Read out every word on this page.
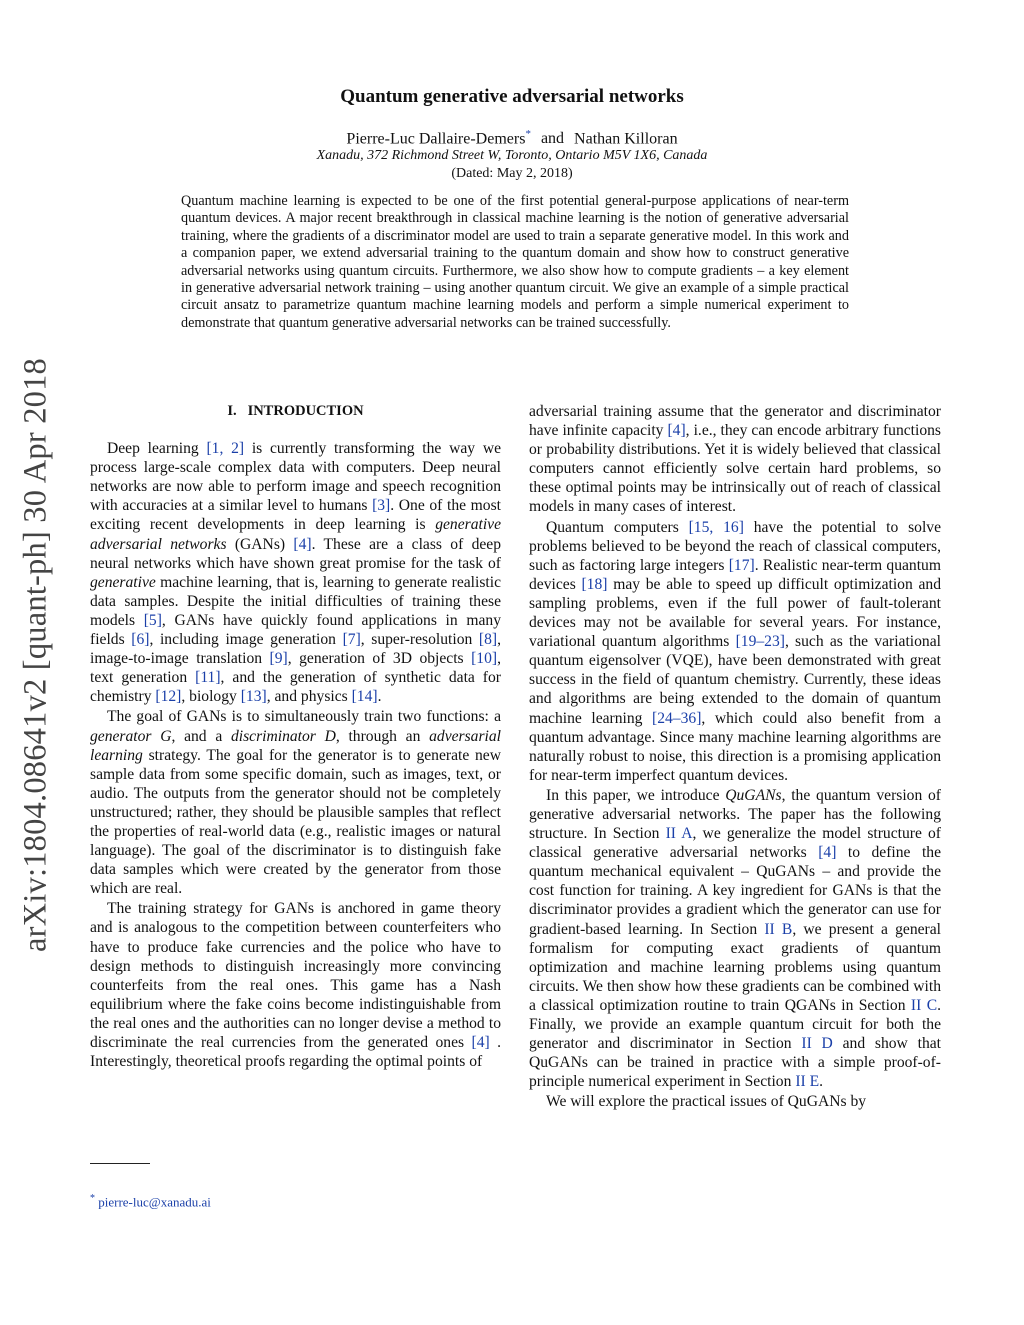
arXiv:1804.08641v2 [quant-ph] 30 Apr 2018
Quantum generative adversarial networks
Pierre-Luc Dallaire-Demers* and Nathan Killoran
Xanadu, 372 Richmond Street W, Toronto, Ontario M5V 1X6, Canada
(Dated: May 2, 2018)
Quantum machine learning is expected to be one of the first potential general-purpose applications of near-term quantum devices. A major recent breakthrough in classical machine learning is the notion of generative adversarial training, where the gradients of a discriminator model are used to train a separate generative model. In this work and a companion paper, we extend adversarial training to the quantum domain and show how to construct generative adversarial networks using quantum circuits. Furthermore, we also show how to compute gradients – a key element in generative adversarial network training – using another quantum circuit. We give an example of a simple practical circuit ansatz to parametrize quantum machine learning models and perform a simple numerical experiment to demonstrate that quantum generative adversarial networks can be trained successfully.
I. INTRODUCTION

Deep learning [1, 2] is currently transforming the way we process large-scale complex data with computers. Deep neural networks are now able to perform image and speech recognition with accuracies at a similar level to humans [3]. One of the most exciting recent developments in deep learning is generative adversarial networks (GANs) [4]. These are a class of deep neural networks which have shown great promise for the task of generative machine learning, that is, learning to generate realistic data samples. Despite the initial difficulties of training these models [5], GANs have quickly found applications in many fields [6], including image generation [7], super-resolution [8], image-to-image translation [9], generation of 3D objects [10], text generation [11], and the generation of synthetic data for chemistry [12], biology [13], and physics [14].

The goal of GANs is to simultaneously train two functions: a generator G, and a discriminator D, through an adversarial learning strategy. The goal for the generator is to generate new sample data from some specific domain, such as images, text, or audio. The outputs from the generator should not be completely unstructured; rather, they should be plausible samples that reflect the properties of real-world data (e.g., realistic images or natural language). The goal of the discriminator is to distinguish fake data samples which were created by the generator from those which are real.

The training strategy for GANs is anchored in game theory and is analogous to the competition between counterfeiters who have to produce fake currencies and the police who have to design methods to distinguish increasingly more convincing counterfeits from the real ones. This game has a Nash equilibrium where the fake coins become indistinguishable from the real ones and the authorities can no longer devise a method to discriminate the real currencies from the generated ones [4] . Interestingly, theoretical proofs regarding the optimal points of

adversarial training assume that the generator and discriminator have infinite capacity [4], i.e., they can encode arbitrary functions or probability distributions. Yet it is widely believed that classical computers cannot efficiently solve certain hard problems, so these optimal points may be intrinsically out of reach of classical models in many cases of interest.

Quantum computers [15, 16] have the potential to solve problems believed to be beyond the reach of classical computers, such as factoring large integers [17]. Realistic near-term quantum devices [18] may be able to speed up difficult optimization and sampling problems, even if the full power of fault-tolerant devices may not be available for several years. For instance, variational quantum algorithms [19–23], such as the variational quantum eigensolver (VQE), have been demonstrated with great success in the field of quantum chemistry. Currently, these ideas and algorithms are being extended to the domain of quantum machine learning [24–36], which could also benefit from a quantum advantage. Since many machine learning algorithms are naturally robust to noise, this direction is a promising application for near-term imperfect quantum devices.

In this paper, we introduce QuGANs, the quantum version of generative adversarial networks. The paper has the following structure. In Section II A, we generalize the model structure of classical generative adversarial networks [4] to define the quantum mechanical equivalent – QuGANs – and provide the cost function for training. A key ingredient for GANs is that the discriminator provides a gradient which the generator can use for gradient-based learning. In Section II B, we present a general formalism for computing exact gradients of quantum optimization and machine learning problems using quantum circuits. We then show how these gradients can be combined with a classical optimization routine to train QGANs in Section II C. Finally, we provide an example quantum circuit for both the generator and discriminator in Section II D and show that QuGANs can be trained in practice with a simple proof-of-principle numerical experiment in Section II E.

We will explore the practical issues of QuGANs by

* pierre-luc@xanadu.ai
